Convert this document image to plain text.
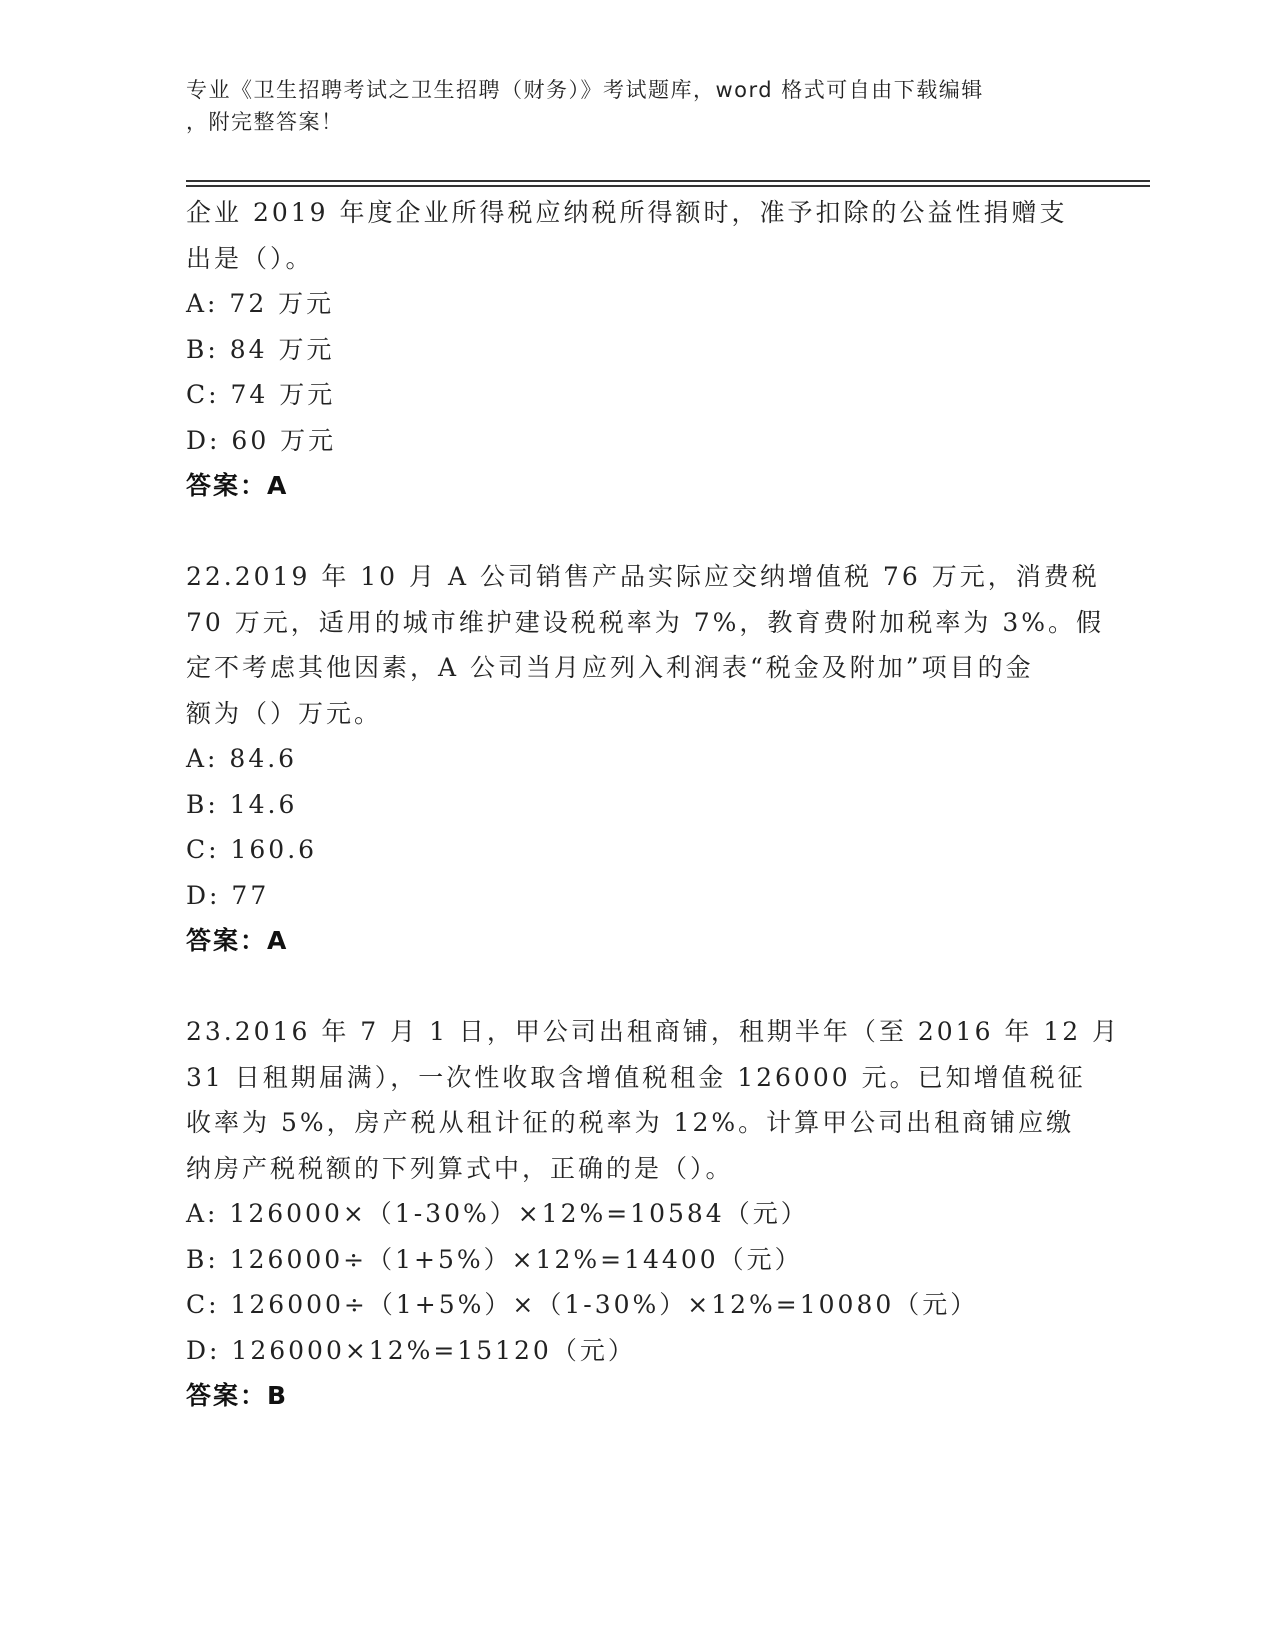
专业《卫生招聘考试之卫生招聘（财务）》考试题库，word 格式可自由下载编辑
，附完整答案！
企业 2019 年度企业所得税应纳税所得额时，准予扣除的公益性捐赠支
出是（）。
A: 72 万元
B: 84 万元
C: 74 万元
D: 60 万元
答案：A
22.2019 年 10 月 A 公司销售产品实际应交纳增值税 76 万元，消费税
70 万元，适用的城市维护建设税税率为 7%，教育费附加税率为 3%。假
定不考虑其他因素，A 公司当月应列入利润表“税金及附加”项目的金
额为（）万元。
A: 84.6
B: 14.6
C: 160.6
D: 77
答案：A
23.2016 年 7 月 1 日，甲公司出租商铺，租期半年（至 2016 年 12 月
31 日租期届满），一次性收取含增值税租金 126000 元。已知增值税征
收率为 5%，房产税从租计征的税率为 12%。计算甲公司出租商铺应缴
纳房产税税额的下列算式中，正确的是（）。
A: 126000×（1-30%）×12%=10584（元）
B: 126000÷（1+5%）×12%=14400（元）
C: 126000÷（1+5%）×（1-30%）×12%=10080（元）
D: 126000×12%=15120（元）
答案：B
